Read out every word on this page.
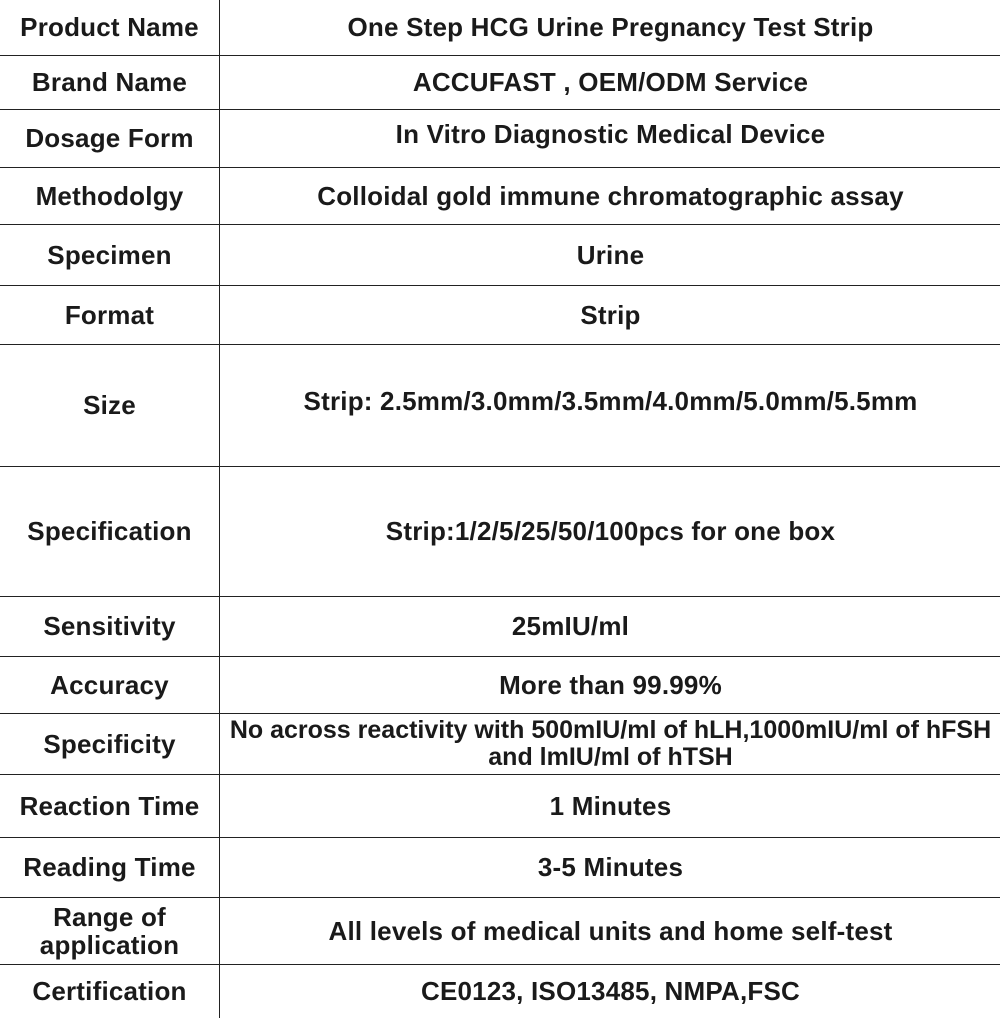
Product Name	One Step HCG Urine Pregnancy Test Strip
Brand Name	ACCUFAST , OEM/ODM Service
Dosage Form	In Vitro Diagnostic Medical Device
Methodolgy	Colloidal gold immune chromatographic assay
Specimen	Urine
Format	Strip
Size	Strip: 2.5mm/3.0mm/3.5mm/4.0mm/5.0mm/5.5mm
Specification	Strip:1/2/5/25/50/100pcs for one box
Sensitivity	25mIU/ml
Accuracy	More than 99.99%
Specificity	No across reactivity with 500mIU/ml of hLH,1000mIU/ml of hFSH and lmIU/ml of hTSH
Reaction Time	1 Minutes
Reading Time	3-5 Minutes
Range of application	All levels of medical units and home self-test
Certification	CE0123, ISO13485, NMPA,FSC
